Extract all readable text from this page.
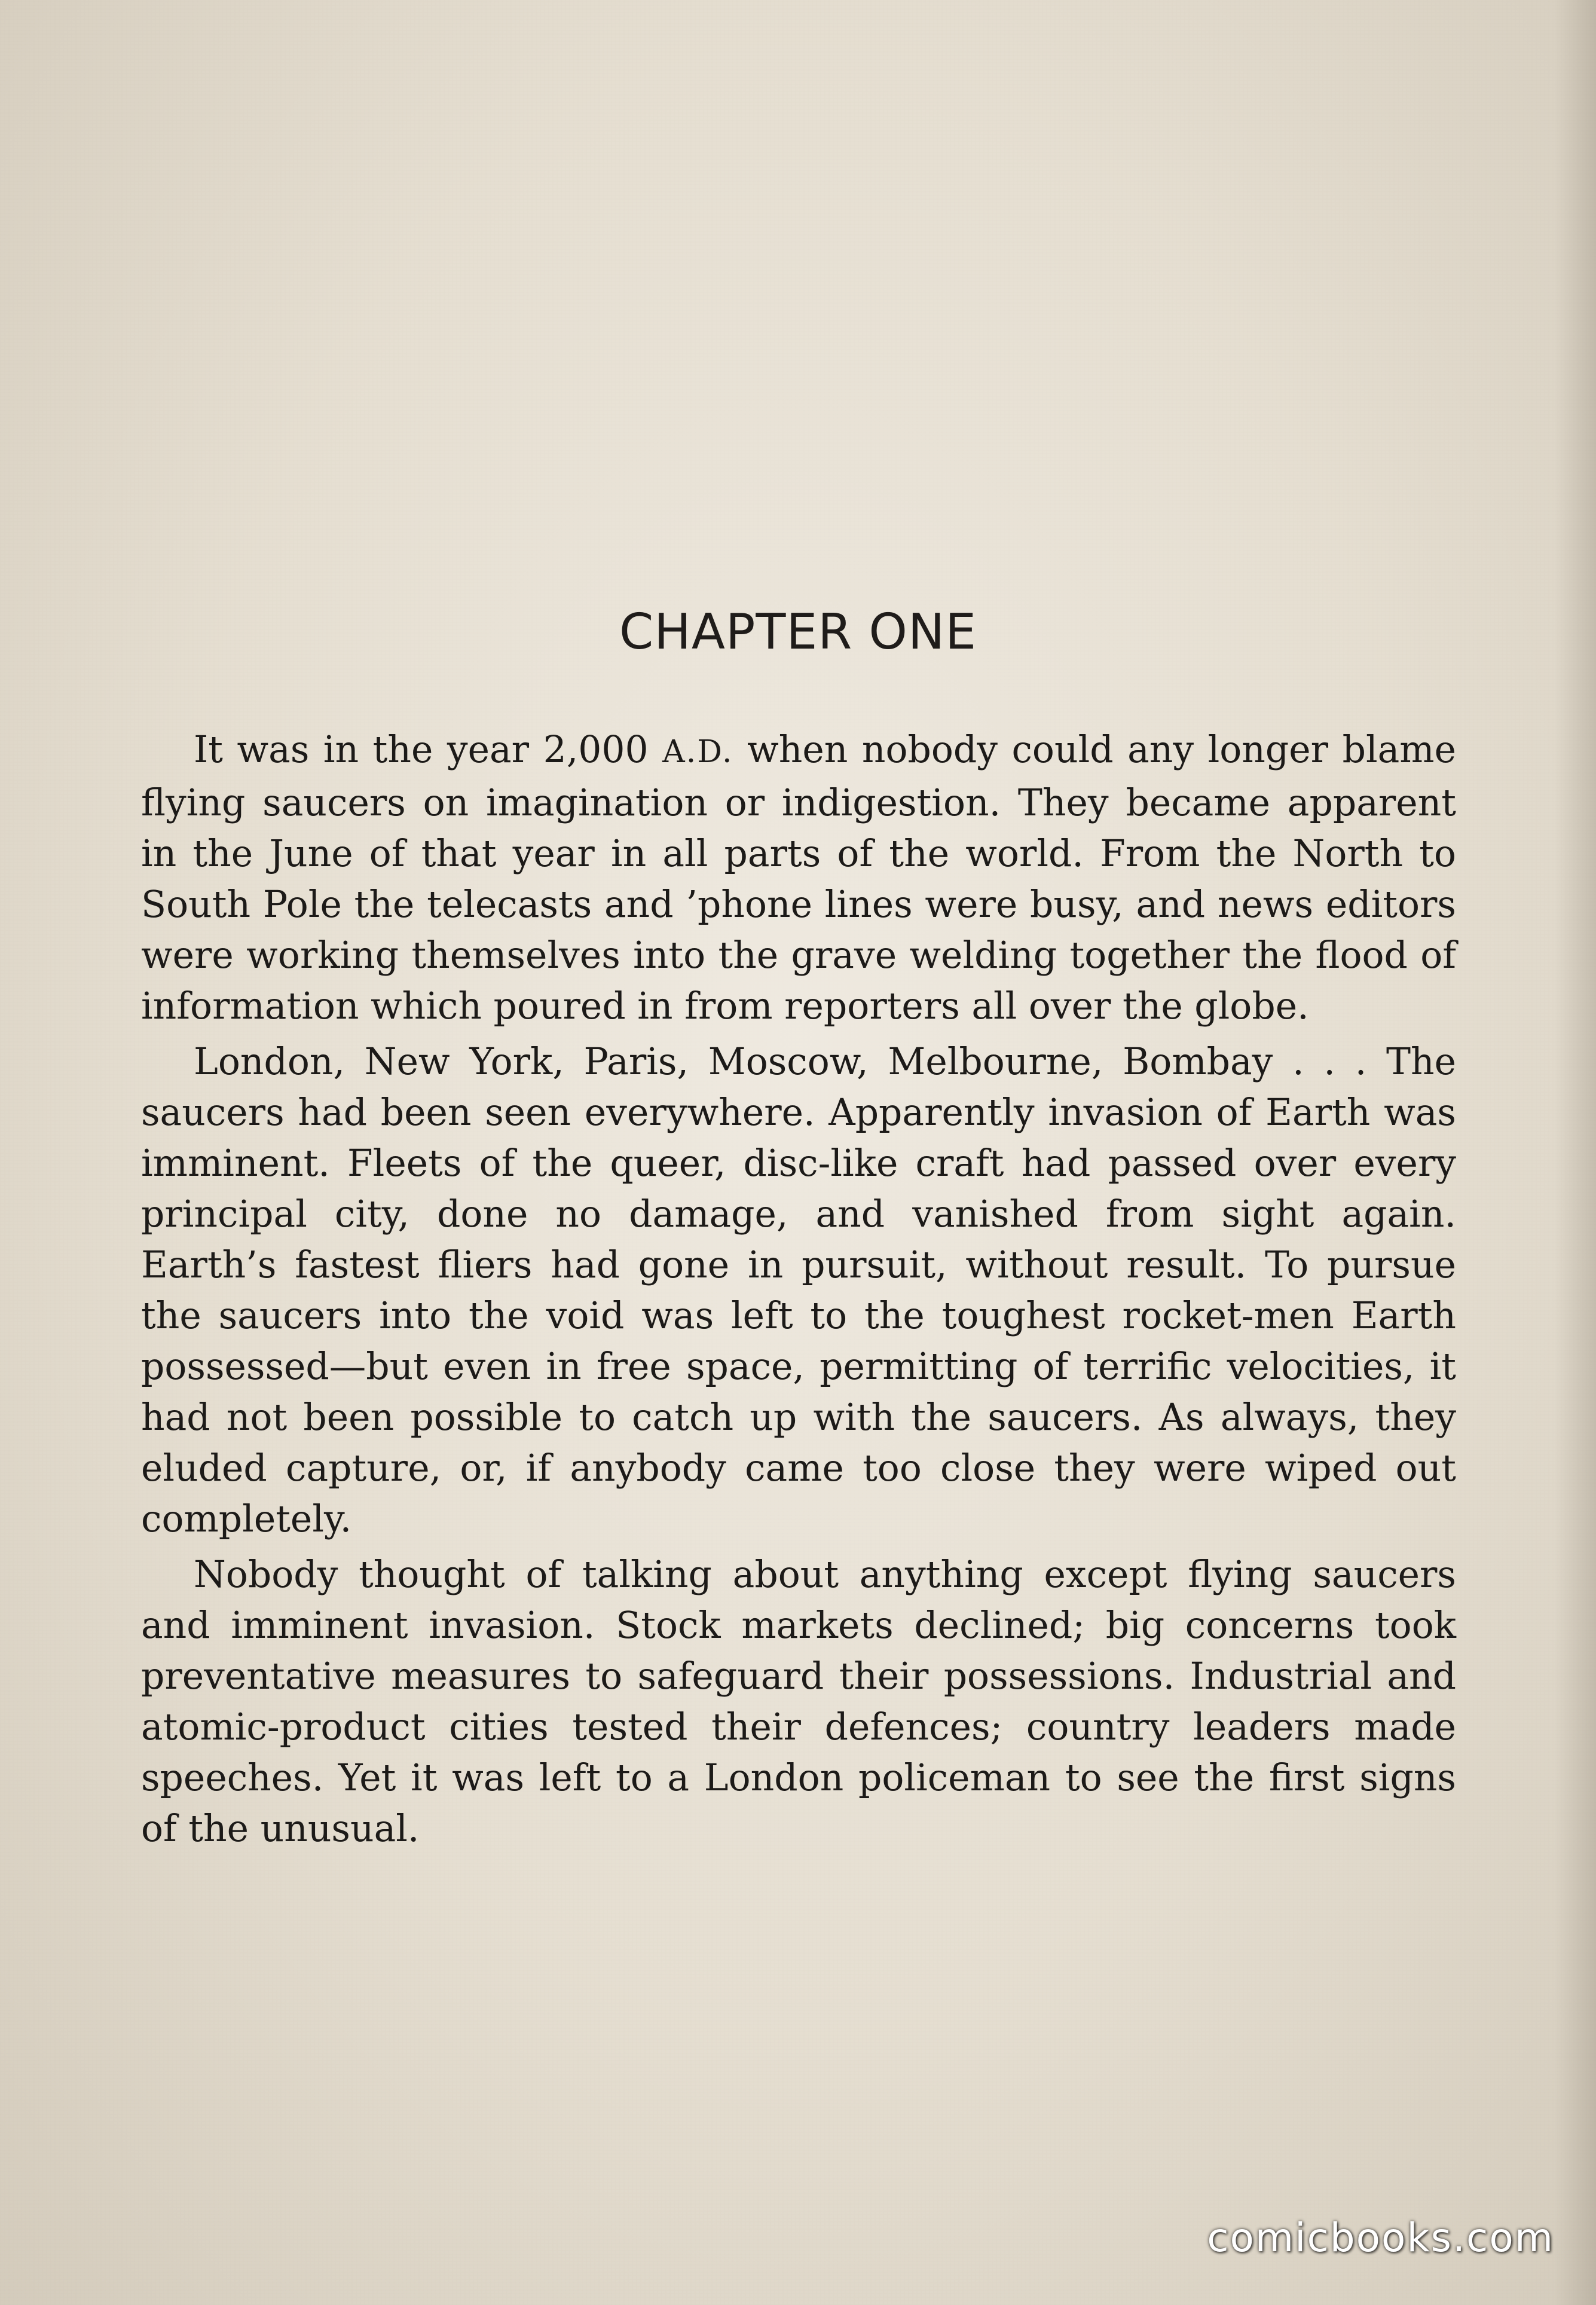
CHAPTER ONE

It was in the year 2,000 A.D. when nobody could any longer blame flying saucers on imagination or indigestion. They became apparent in the June of that year in all parts of the world. From the North to South Pole the telecasts and ’phone lines were busy, and news editors were working themselves into the grave welding together the flood of information which poured in from reporters all over the globe.

London, New York, Paris, Moscow, Melbourne, Bombay . . . The saucers had been seen everywhere. Apparently invasion of Earth was imminent. Fleets of the queer, disc-like craft had passed over every principal city, done no damage, and vanished from sight again. Earth’s fastest fliers had gone in pursuit, without result. To pursue the saucers into the void was left to the toughest rocket-men Earth possessed—but even in free space, permitting of terrific velocities, it had not been possible to catch up with the saucers. As always, they eluded capture, or, if anybody came too close they were wiped out completely.

Nobody thought of talking about anything except flying saucers and imminent invasion. Stock markets declined; big concerns took preventative measures to safeguard their possessions. Industrial and atomic-product cities tested their defences; country leaders made speeches. Yet it was left to a London policeman to see the first signs of the unusual.

comicbooks.com
